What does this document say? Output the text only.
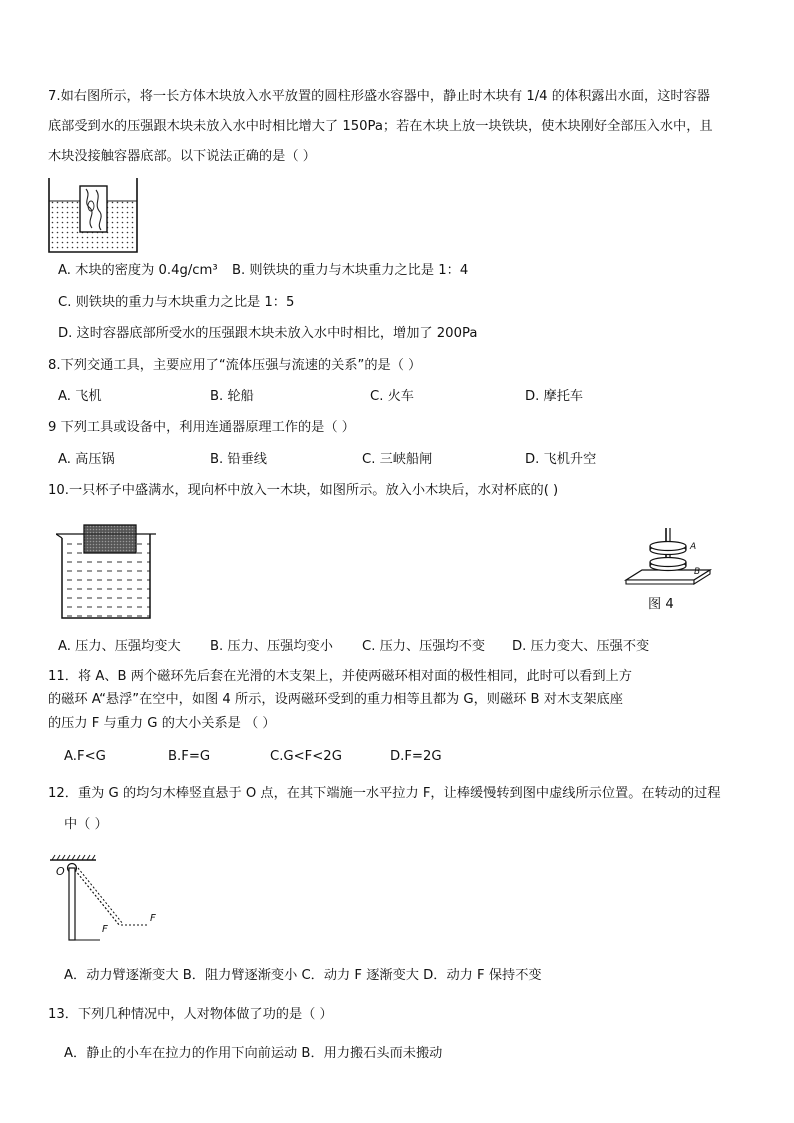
7.如右图所示，将一长方体木块放入水平放置的圆柱形盛水容器中，静止时木块有 1/4 的体积露出水面，这时容器
底部受到水的压强跟木块未放入水中时相比增大了 150Pa；若在木块上放一块铁块，使木块刚好全部压入水中，且
木块没接触容器底部。以下说法正确的是（ ）
A. 木块的密度为 0.4g/cm³ B. 则铁块的重力与木块重力之比是 1：4
C. 则铁块的重力与木块重力之比是 1：5
D. 这时容器底部所受水的压强跟木块未放入水中时相比，增加了 200Pa
8.下列交通工具，主要应用了“流体压强与流速的关系”的是（ ）
A. 飞机	B. 轮船	C. 火车	D. 摩托车
9 下列工具或设备中，利用连通器原理工作的是（ ）
A. 高压锅	B. 铅垂线	C. 三峡船闸	D. 飞机升空
10.一只杯子中盛满水，现向杯中放入一木块，如图所示。放入小木块后，水对杯底的( )
A
B
图 4
A. 压力、压强均变大 B. 压力、压强均变小 C. 压力、压强均不变 D. 压力变大、压强不变
11．将 A、B 两个磁环先后套在光滑的木支架上，并使两磁环相对面的极性相同，此时可以看到上方
的磁环 A“悬浮”在空中，如图 4 所示，设两磁环受到的重力相等且都为 G，则磁环 B 对木支架底座
的压力 F 与重力 G 的大小关系是 （ ）
A.F<G	B.F=G	C.G<F<2G	D.F=2G
12．重为 G 的均匀木棒竖直悬于 O 点，在其下端施一水平拉力 F，让棒缓慢转到图中虚线所示位置。在转动的过程
中（ ）
O
F
F
A．动力臂逐渐变大 B．阻力臂逐渐变小 C．动力 F 逐渐变大 D．动力 F 保持不变
13．下列几种情况中，人对物体做了功的是（ ）
A．静止的小车在拉力的作用下向前运动 B．用力搬石头而未搬动
